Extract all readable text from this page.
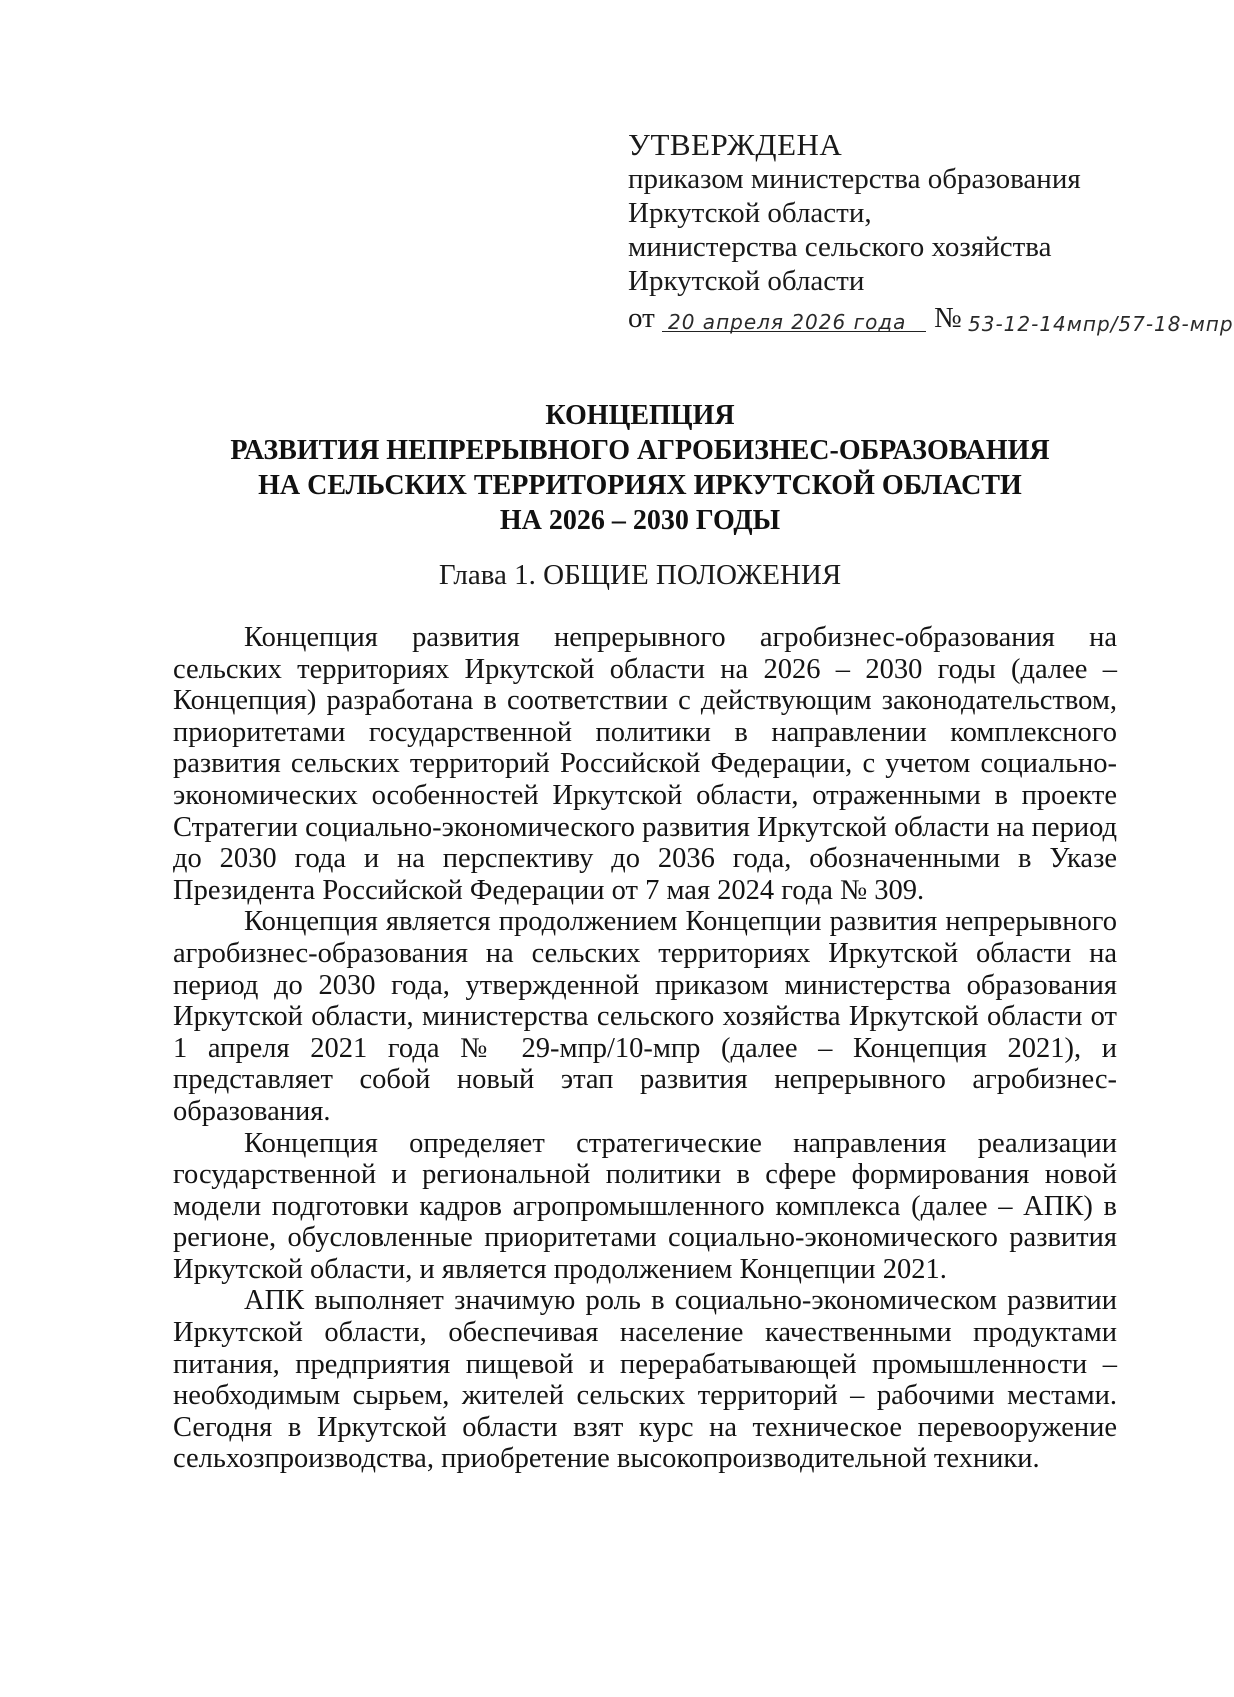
УТВЕРЖДЕНА
приказом министерства образования
Иркутской области,
министерства сельского хозяйства
Иркутской области
от 20 апреля 2026 года № 53-12-14мпр/57-18-мпр
КОНЦЕПЦИЯ
РАЗВИТИЯ НЕПРЕРЫВНОГО АГРОБИЗНЕС-ОБРАЗОВАНИЯ
НА СЕЛЬСКИХ ТЕРРИТОРИЯХ ИРКУТСКОЙ ОБЛАСТИ
НА 2026 – 2030 ГОДЫ
Глава 1. ОБЩИЕ ПОЛОЖЕНИЯ

Концепция развития непрерывного агробизнес-образования на сельских территориях Иркутской области на 2026 – 2030 годы (далее – Концепция) разработана в соответствии с действующим законодательством, приоритетами государственной политики в направлении комплексного развития сельских территорий Российской Федерации, с учетом социально-экономических особенностей Иркутской области, отраженными в проекте Стратегии социально-экономического развития Иркутской области на период до 2030 года и на перспективу до 2036 года, обозначенными в Указе Президента Российской Федерации от 7 мая 2024 года № 309.

Концепция является продолжением Концепции развития непрерывного агробизнес-образования на сельских территориях Иркутской области на период до 2030 года, утвержденной приказом министерства образования Иркутской области, министерства сельского хозяйства Иркутской области от 1 апреля 2021 года № 29-мпр/10-мпр (далее – Концепция 2021), и представляет собой новый этап развития непрерывного агробизнес-образования.

Концепция определяет стратегические направления реализации государственной и региональной политики в сфере формирования новой модели подготовки кадров агропромышленного комплекса (далее – АПК) в регионе, обусловленные приоритетами социально-экономического развития Иркутской области, и является продолжением Концепции 2021.

АПК выполняет значимую роль в социально-экономическом развитии Иркутской области, обеспечивая население качественными продуктами питания, предприятия пищевой и перерабатывающей промышленности – необходимым сырьем, жителей сельских территорий – рабочими местами. Сегодня в Иркутской области взят курс на техническое перевооружение сельхозпроизводства, приобретение высокопроизводительной техники.
